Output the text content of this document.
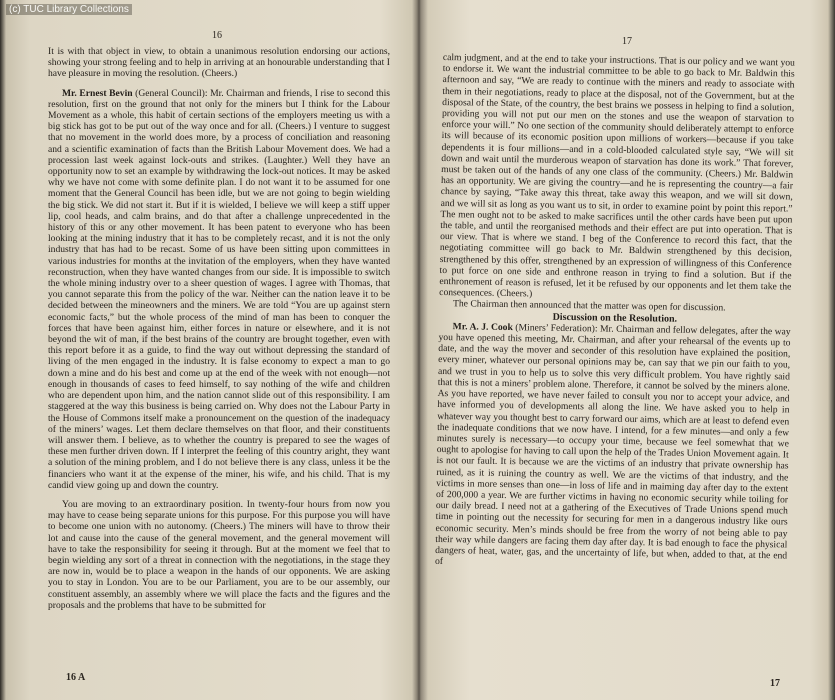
(c) TUC Library Collections
16
17

It is with that object in view, to obtain a unanimous resolution endorsing our actions, showing your strong feeling and to help in arriving at an honourable understanding that I have pleasure in moving the resolution. (Cheers.)

Mr. Ernest Bevin (General Council): Mr. Chairman and friends, I rise to second this resolution, first on the ground that not only for the miners but I think for the Labour Movement as a whole, this habit of certain sections of the employers meeting us with a big stick has got to be put out of the way once and for all. (Cheers.) I venture to suggest that no movement in the world does more, by a process of conciliation and reasoning and a scientific examination of facts than the British Labour Movement does. We had a procession last week against lock-outs and strikes. (Laughter.) Well they have an opportunity now to set an example by withdrawing the lock-out notices. It may be asked why we have not come with some definite plan. I do not want it to be assumed for one moment that the General Council has been idle, but we are not going to begin wielding the big stick. We did not start it. But if it is wielded, I believe we will keep a stiff upper lip, cool heads, and calm brains, and do that after a challenge unprecedented in the history of this or any other movement. It has been patent to everyone who has been looking at the mining industry that it has to be completely recast, and it is not the only industry that has had to be recast. Some of us have been sitting upon committees in various industries for months at the invitation of the employers, when they have wanted reconstruction, when they have wanted changes from our side. It is impossible to switch the whole mining industry over to a sheer question of wages. I agree with Thomas, that you cannot separate this from the policy of the war. Neither can the nation leave it to be decided between the mineowners and the miners. We are told “You are up against stern economic facts,” but the whole process of the mind of man has been to conquer the forces that have been against him, either forces in nature or elsewhere, and it is not beyond the wit of man, if the best brains of the country are brought together, even with this report before it as a guide, to find the way out without depressing the standard of living of the men engaged in the industry. It is false economy to expect a man to go down a mine and do his best and come up at the end of the week with not enough—not enough in thousands of cases to feed himself, to say nothing of the wife and children who are dependent upon him, and the nation cannot slide out of this responsibility. I am staggered at the way this business is being carried on. Why does not the Labour Party in the House of Commons itself make a pronouncement on the question of the inadequacy of the miners’ wages. Let them declare themselves on that floor, and their constituents will answer them. I believe, as to whether the country is prepared to see the wages of these men further driven down. If I interpret the feeling of this country aright, they want a solution of the mining problem, and I do not believe there is any class, unless it be the financiers who want it at the expense of the miner, his wife, and his child. That is my candid view going up and down the country.

You are moving to an extraordinary position. In twenty-four hours from now you may have to cease being separate unions for this purpose. For this purpose you will have to become one union with no autonomy. (Cheers.) The miners will have to throw their lot and cause into the cause of the general movement, and the general movement will have to take the responsibility for seeing it through. But at the moment we feel that to begin wielding any sort of a threat in connection with the negotiations, in the stage they are now in, would be to place a weapon in the hands of our opponents. We are asking you to stay in London. You are to be our Parliament, you are to be our assembly, our constituent assembly, an assembly where we will place the facts and the figures and the proposals and the problems that have to be submitted for

calm judgment, and at the end to take your instructions. That is our policy and we want you to endorse it. We want the industrial committee to be able to go back to Mr. Baldwin this afternoon and say, “We are ready to continue with the miners and ready to associate with them in their negotiations, ready to place at the disposal, not of the Government, but at the disposal of the State, of the country, the best brains we possess in helping to find a solution, providing you will not put our men on the stones and use the weapon of starvation to enforce your will.” No one section of the community should deliberately attempt to enforce its will because of its economic position upon millions of workers—because if you take dependents it is four millions—and in a cold-blooded calculated style say, “We will sit down and wait until the murderous weapon of starvation has done its work.” That forever, must be taken out of the hands of any one class of the community. (Cheers.) Mr. Baldwin has an opportunity. We are giving the country—and he is representing the country—a fair chance by saying, “Take away this threat, take away this weapon, and we will sit down, and we will sit as long as you want us to sit, in order to examine point by point this report.” The men ought not to be asked to make sacrifices until the other cards have been put upon the table, and until the reorganised methods and their effect are put into operation. That is our view. That is where we stand. I beg of the Conference to record this fact, that the negotiating committee will go back to Mr. Baldwin strengthened by this decision, strengthened by this offer, strengthened by an expression of willingness of this Conference to put force on one side and enthrone reason in trying to find a solution. But if the enthronement of reason is refused, let it be refused by our opponents and let them take the consequences. (Cheers.)

The Chairman then announced that the matter was open for discussion.

Discussion on the Resolution.

Mr. A. J. Cook (Miners’ Federation): Mr. Chairman and fellow delegates, after the way you have opened this meeting, Mr. Chairman, and after your rehearsal of the events up to date, and the way the mover and seconder of this resolution have explained the position, every miner, whatever our personal opinions may be, can say that we pin our faith to you, and we trust in you to help us to solve this very difficult problem. You have rightly said that this is not a miners’ problem alone. Therefore, it cannot be solved by the miners alone. As you have reported, we have never failed to consult you nor to accept your advice, and have informed you of developments all along the line. We have asked you to help in whatever way you thought best to carry forward our aims, which are at least to defend even the inadequate conditions that we now have. I intend, for a few minutes—and only a few minutes surely is necessary—to occupy your time, because we feel somewhat that we ought to apologise for having to call upon the help of the Trades Union Movement again. It is not our fault. It is because we are the victims of an industry that private ownership has ruined, as it is ruining the country as well. We are the victims of that industry, and the victims in more senses than one—in loss of life and in maiming day after day to the extent of 200,000 a year. We are further victims in having no economic security while toiling for our daily bread. I need not at a gathering of the Executives of Trade Unions spend much time in pointing out the necessity for securing for men in a dangerous industry like ours economic security. Men’s minds should be free from the worry of not being able to pay their way while dangers are facing them day after day. It is bad enough to face the physical dangers of heat, water, gas, and the uncertainty of life, but when, added to that, at the end of

16 A
17
